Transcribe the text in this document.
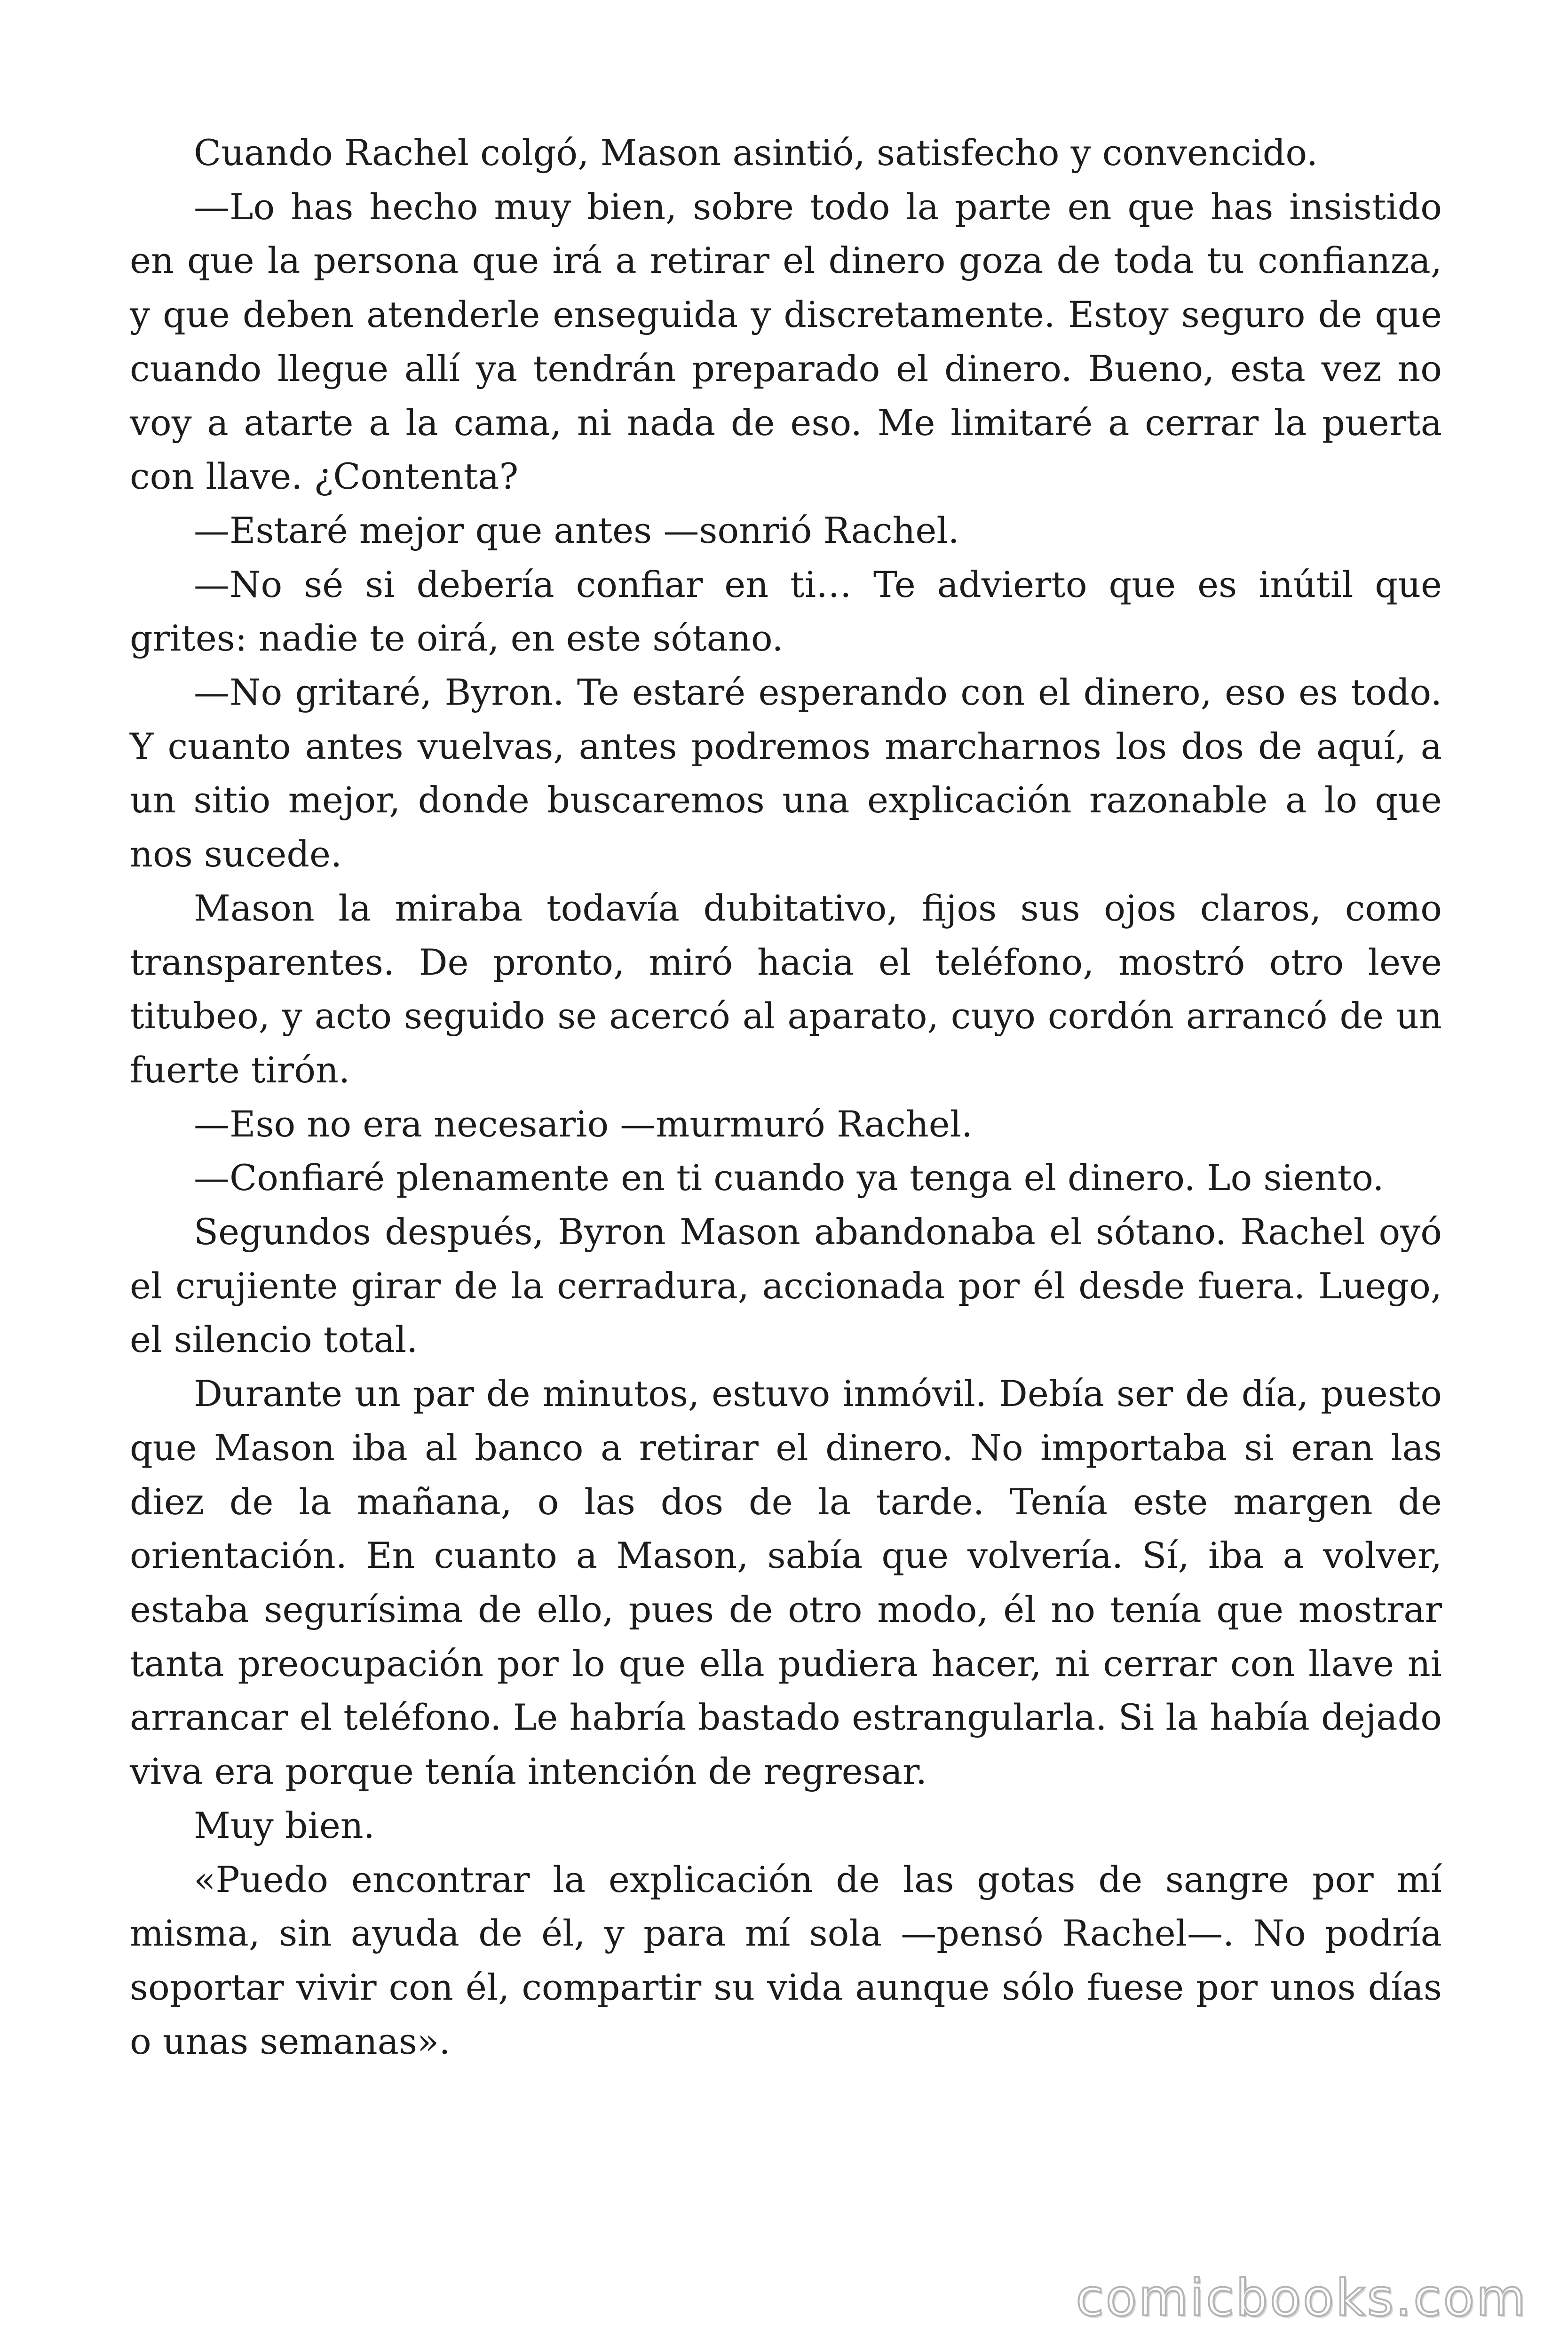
Cuando Rachel colgó, Mason asintió, satisfecho y convencido.

—Lo has hecho muy bien, sobre todo la parte en que has insistido en que la persona que irá a retirar el dinero goza de toda tu confianza, y que deben atenderle enseguida y discretamente. Estoy seguro de que cuando llegue allí ya tendrán preparado el dinero. Bueno, esta vez no voy a atarte a la cama, ni nada de eso. Me limitaré a cerrar la puerta con llave. ¿Contenta?

—Estaré mejor que antes —sonrió Rachel.

—No sé si debería confiar en ti… Te advierto que es inútil que grites: nadie te oirá, en este sótano.

—No gritaré, Byron. Te estaré esperando con el dinero, eso es todo. Y cuanto antes vuelvas, antes podremos marcharnos los dos de aquí, a un sitio mejor, donde buscaremos una explicación razonable a lo que nos sucede.

Mason la miraba todavía dubitativo, fijos sus ojos claros, como transparentes. De pronto, miró hacia el teléfono, mostró otro leve titubeo, y acto seguido se acercó al aparato, cuyo cordón arrancó de un fuerte tirón.

—Eso no era necesario —murmuró Rachel.

—Confiaré plenamente en ti cuando ya tenga el dinero. Lo siento.

Segundos después, Byron Mason abandonaba el sótano. Rachel oyó el crujiente girar de la cerradura, accionada por él desde fuera. Luego, el silencio total.

Durante un par de minutos, estuvo inmóvil. Debía ser de día, puesto que Mason iba al banco a retirar el dinero. No importaba si eran las diez de la mañana, o las dos de la tarde. Tenía este margen de orientación. En cuanto a Mason, sabía que volvería. Sí, iba a volver, estaba segurísima de ello, pues de otro modo, él no tenía que mostrar tanta preocupación por lo que ella pudiera hacer, ni cerrar con llave ni arrancar el teléfono. Le habría bastado estrangularla. Si la había dejado viva era porque tenía intención de regresar.

Muy bien.

«Puedo encontrar la explicación de las gotas de sangre por mí misma, sin ayuda de él, y para mí sola —pensó Rachel—. No podría soportar vivir con él, compartir su vida aunque sólo fuese por unos días o unas semanas».

comicbooks.com
